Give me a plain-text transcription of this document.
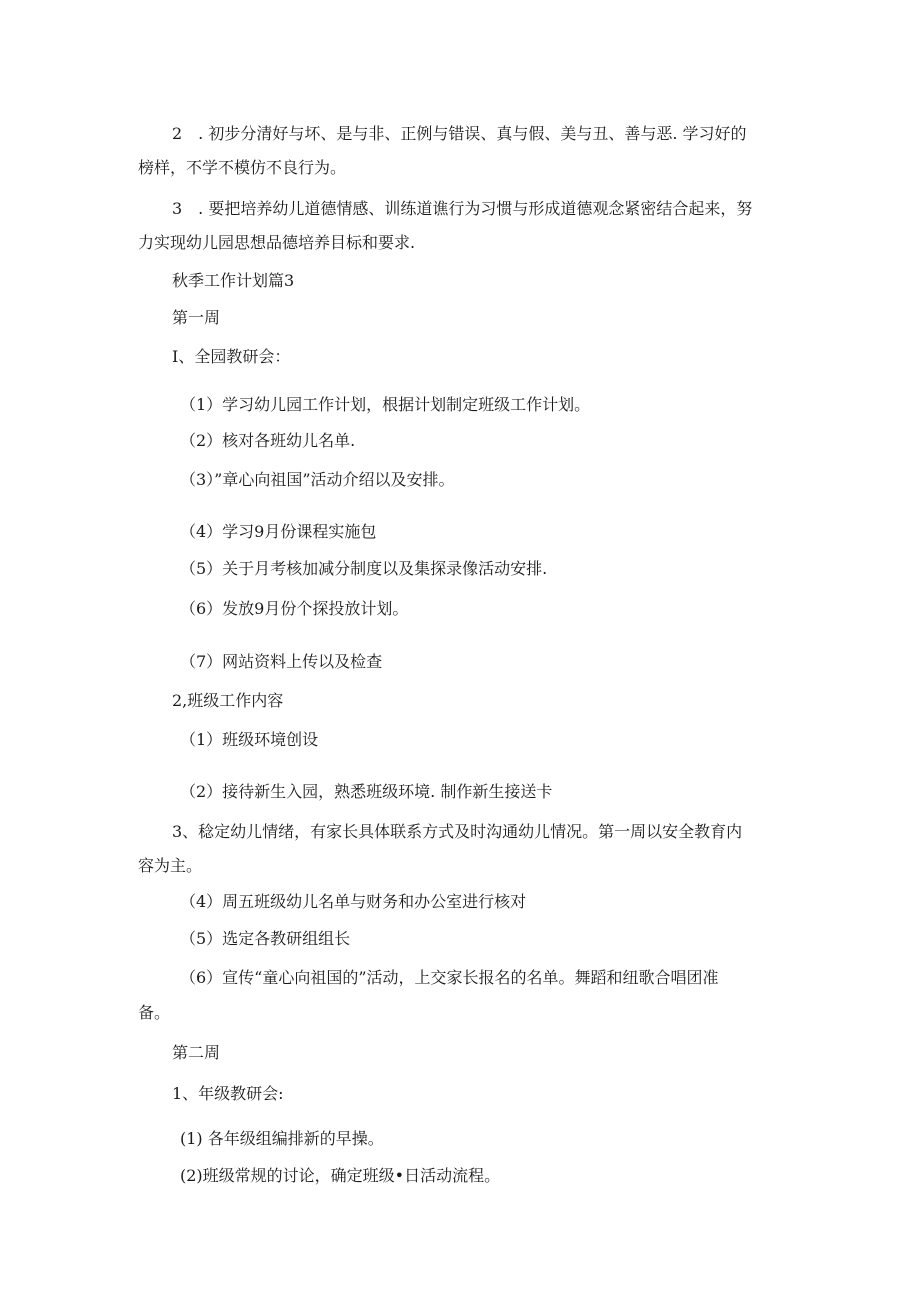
2　. 初步分清好与坏、是与非、正例与错误、真与假、美与丑、善与恶. 学习好的
榜样，不学不模仿不良行为。
3　. 要把培养幼儿道德情感、训练道谯行为习惯与形成道德观念紧密结合起来，努
力实现幼儿园思想品德培养目标和要求.
秋季工作计划篇3
第一周
I、全园教研会：
（1）学习幼儿园工作计划，根据计划制定班级工作计划。
（2）核对各班幼儿名单.
（3）”章心向祖国”活动介绍以及安排。
（4）学习9月份课程实施包
（5）关于月考核加减分制度以及集探录像活动安排.
（6）发放9月份个探投放计划。
（7）网站资料上传以及检查
2,班级工作内容
（1）班级环境创设
（2）接待新生入园，熟悉班级环境. 制作新生接送卡
3、稔定幼儿情绪，有家长具体联系方式及时沟通幼儿情况。第一周以安全教育内
容为主。
（4）周五班级幼儿名单与财务和办公室进行核对
（5）选定各教研组组长
（6）宣传“童心向祖国的”活动，上交家长报名的名单。舞蹈和纽歌合唱团准
备。
第二周
1、年级教研会:
(1) 各年级组编排新的早操。
(2)班级常规的讨论，确定班级•日活动流程。
